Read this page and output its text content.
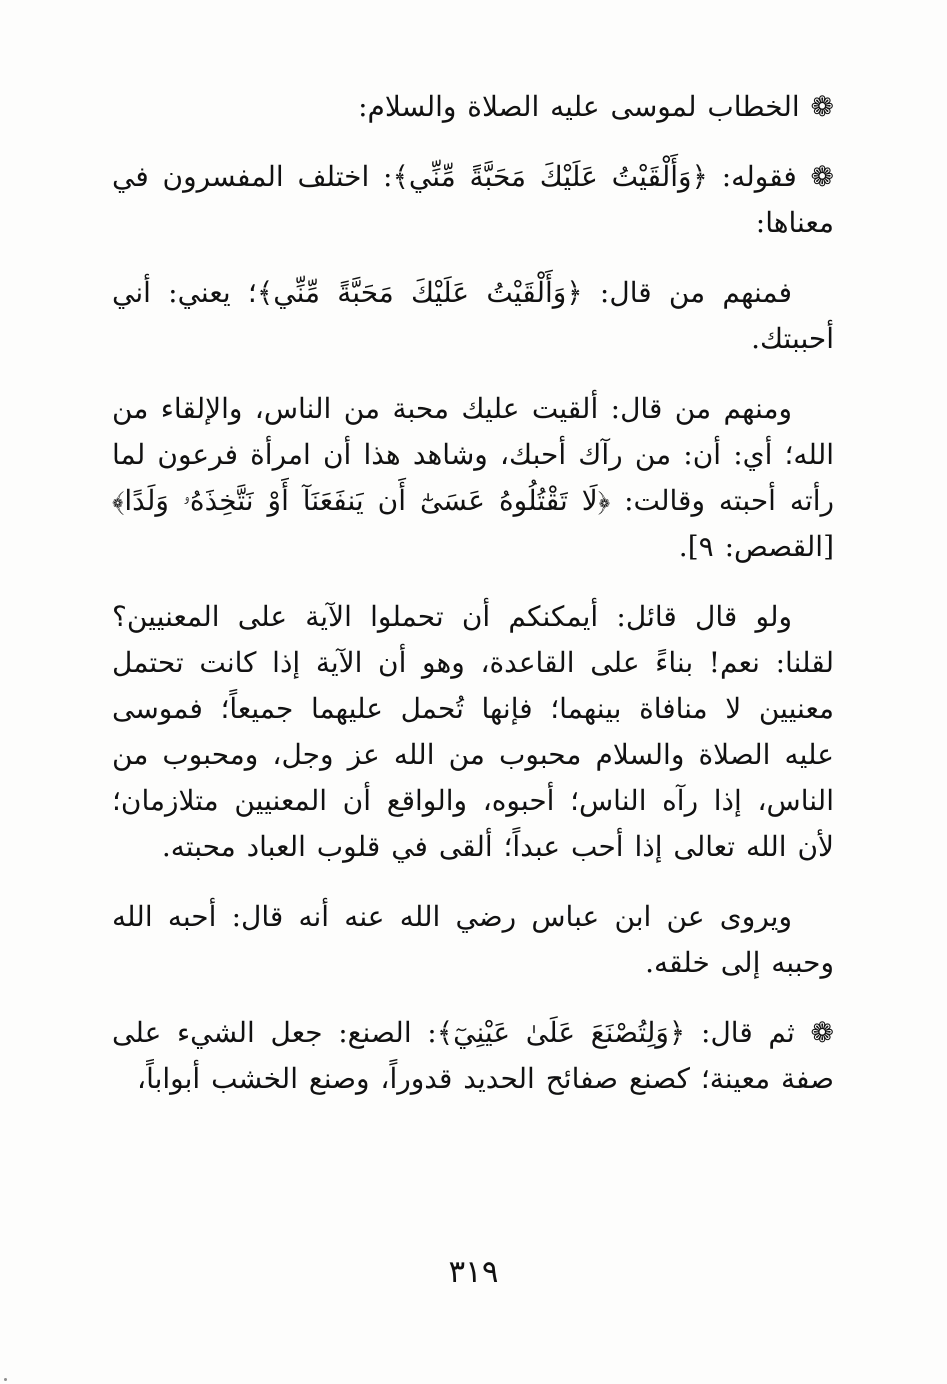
❁ الخطاب لموسى عليه الصلاة والسلام:

❁ فقوله: ﴿وَأَلْقَيْتُ عَلَيْكَ مَحَبَّةً مِّنِّي﴾: اختلف المفسرون في معناها:

فمنهم من قال: ﴿وَأَلْقَيْتُ عَلَيْكَ مَحَبَّةً مِّنِّي﴾؛ يعني: أني أحببتك.

ومنهم من قال: ألقيت عليك محبة من الناس، والإلقاء من الله؛ أي: أن: من رآك أحبك، وشاهد هذا أن امرأة فرعون لما رأته أحبته وقالت: ﴿لَا تَقْتُلُوهُ عَسَىٰٓ أَن يَنفَعَنَآ أَوْ نَتَّخِذَهُۥ وَلَدًا﴾ [القصص: ٩].

ولو قال قائل: أيمكنكم أن تحملوا الآية على المعنيين؟ لقلنا: نعم! بناءً على القاعدة، وهو أن الآية إذا كانت تحتمل معنيين لا منافاة بينهما؛ فإنها تُحمل عليهما جميعاً؛ فموسى عليه الصلاة والسلام محبوب من الله عز وجل، ومحبوب من الناس، إذا رآه الناس؛ أحبوه، والواقع أن المعنيين متلازمان؛ لأن الله تعالى إذا أحب عبداً؛ ألقى في قلوب العباد محبته.

ويروى عن ابن عباس رضي الله عنه أنه قال: أحبه الله وحببه إلى خلقه.

❁ ثم قال: ﴿وَلِتُصْنَعَ عَلَىٰ عَيْنِيٓ﴾: الصنع: جعل الشيء على صفة معينة؛ كصنع صفائح الحديد قدوراً، وصنع الخشب أبواباً،

٣١٩
